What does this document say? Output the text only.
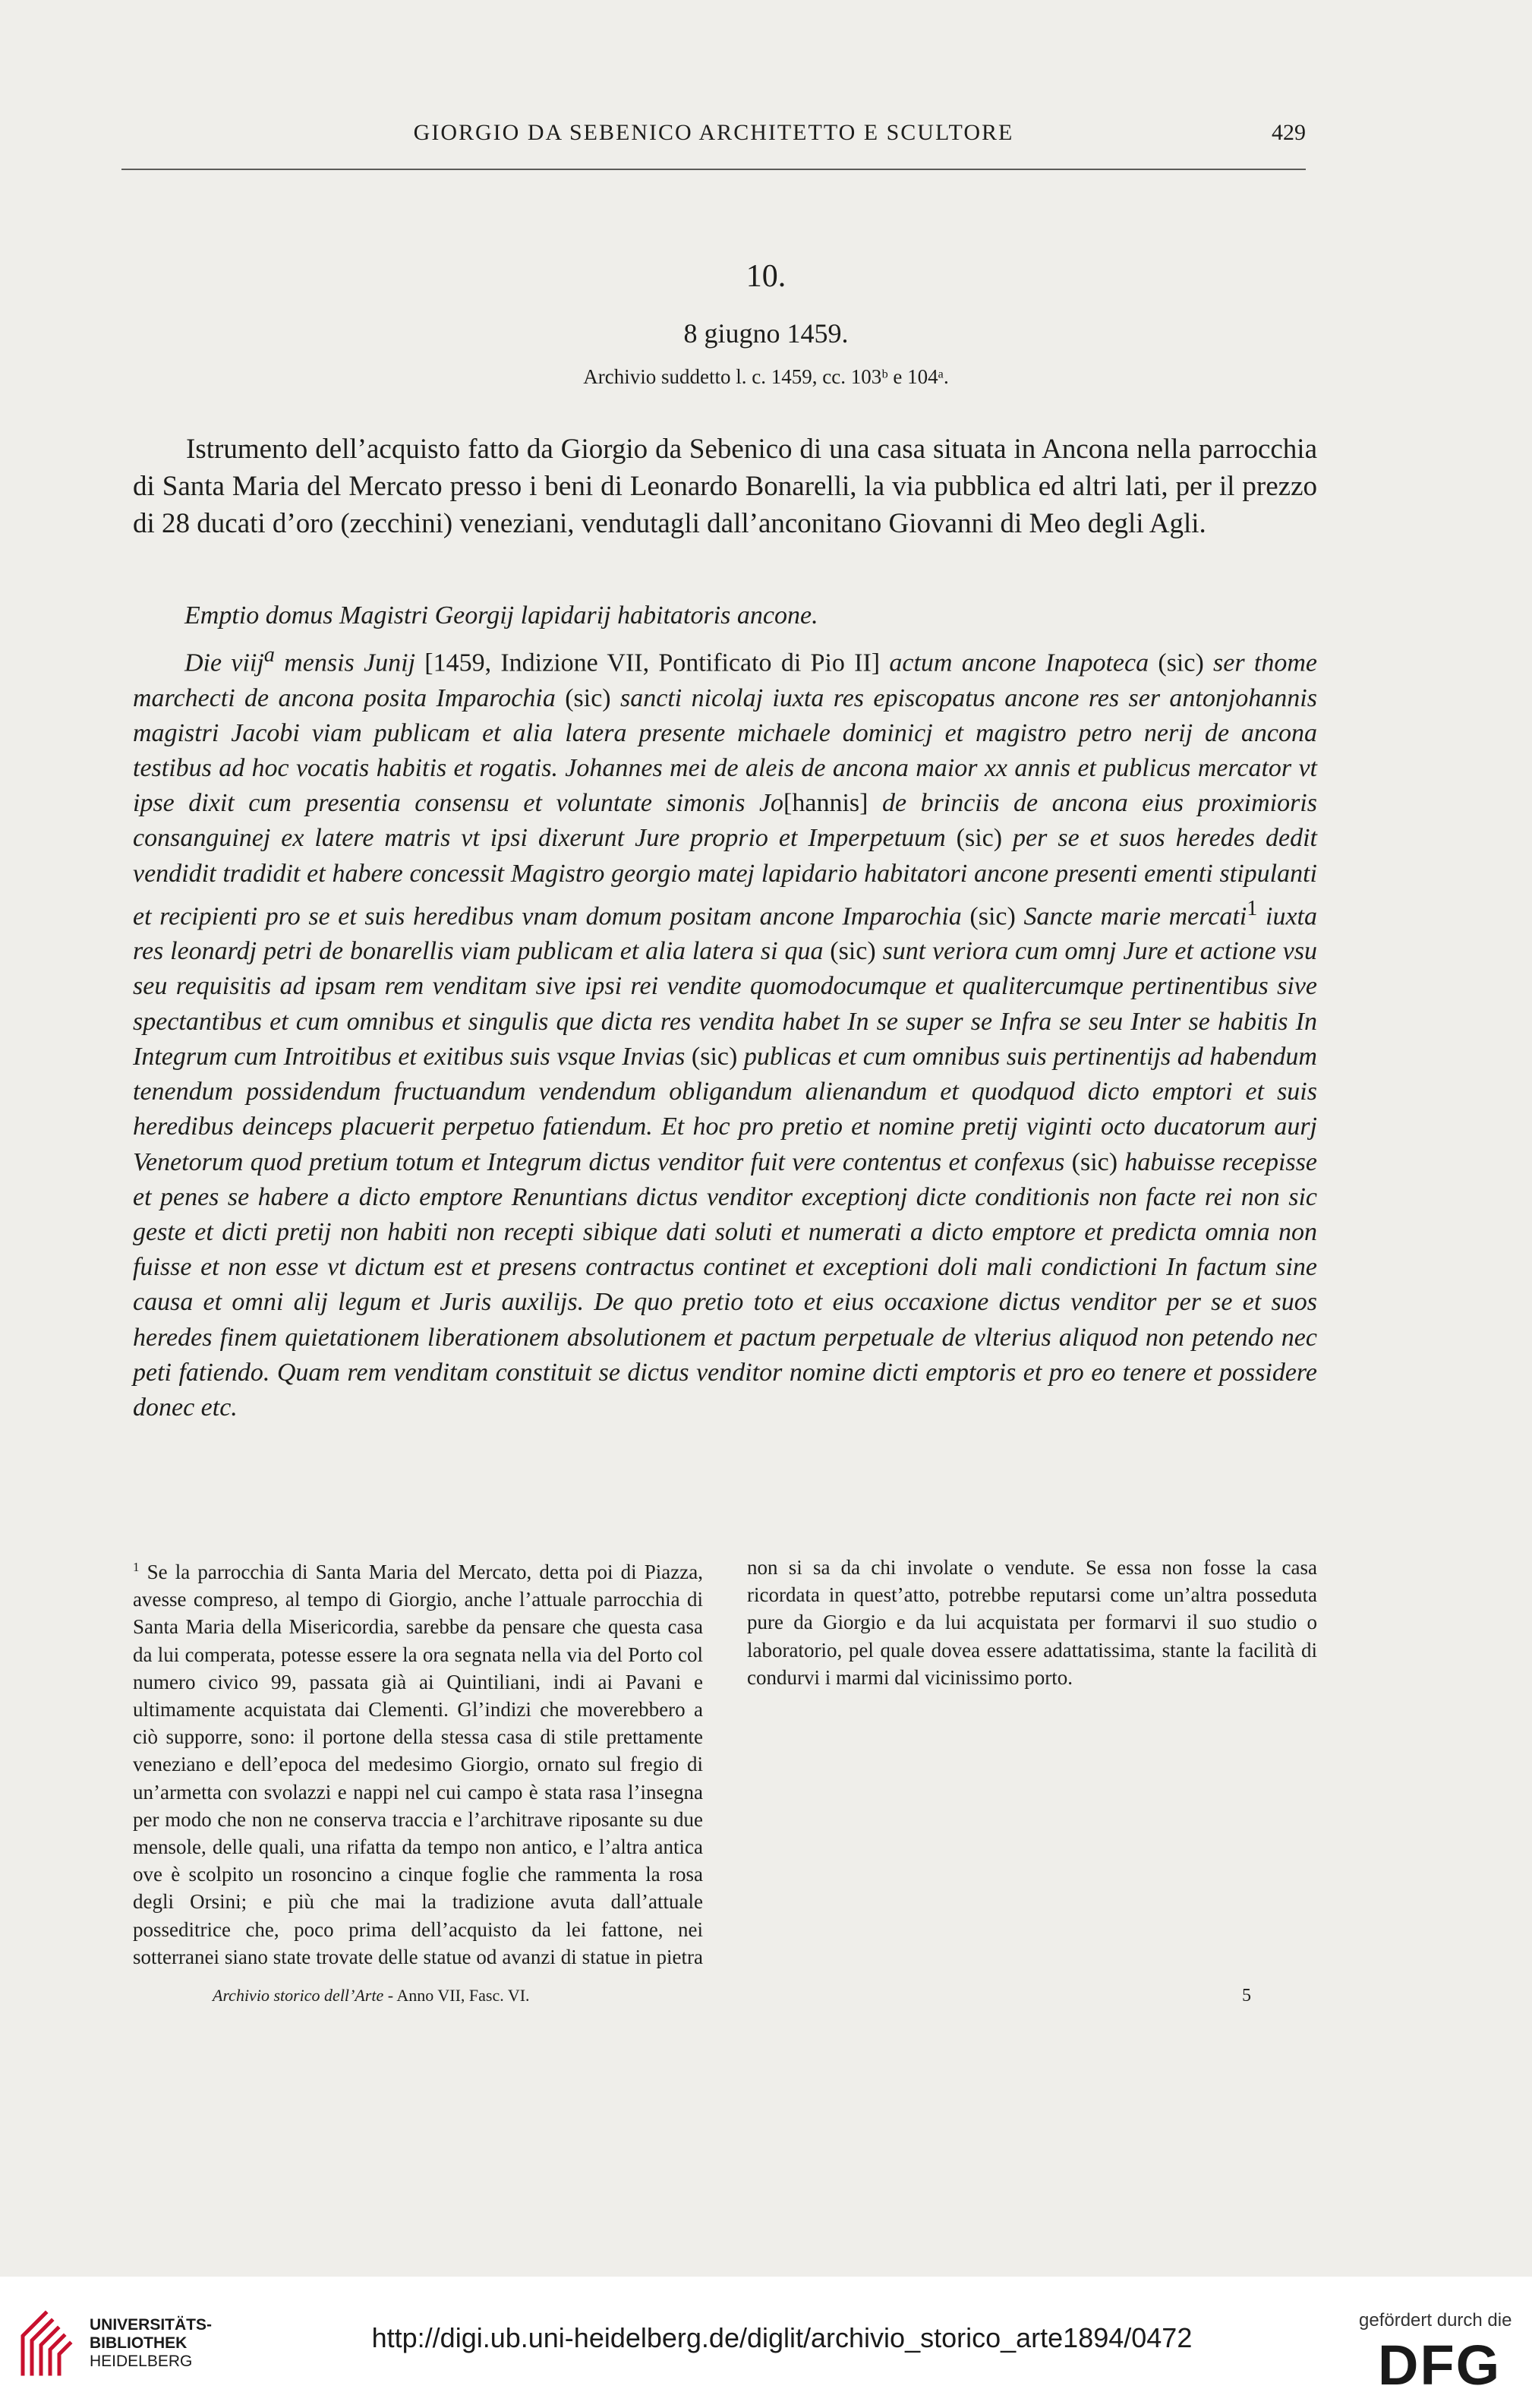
GIORGIO DA SEBENICO ARCHITETTO E SCULTORE	429
10.
8 giugno 1459.
Archivio suddetto l. c. 1459, cc. 103ᵇ e 104ᵃ.

Istrumento dell’acquisto fatto da Giorgio da Sebenico di una casa situata in Ancona nella parrocchia di Santa Maria del Mercato presso i beni di Leonardo Bonarelli, la via pubblica ed altri lati, per il prezzo di 28 ducati d’oro (zecchini) veneziani, vendutagli dall’anconitano Giovanni di Meo degli Agli.

Emptio domus Magistri Georgij lapidarij habitatoris ancone.

Die viij$^a$ mensis Junij [1459, Indizione VII, Pontificato di Pio II] actum ancone Inapoteca (sic) ser thome marchecti de ancona posita Imparochia (sic) sancti nicolaj iuxta res episcopatus ancone res ser antonjohannis magistri Jacobi viam publicam et alia latera presente michaele dominicj et magistro petro nerij de ancona testibus ad hoc vocatis habitis et rogatis. Johannes mei de aleis de ancona maior xx annis et publicus mercator vt ipse dixit cum presentia consensu et voluntate simonis Jo[hannis] de brinciis de ancona eius proximioris consanguinej ex latere matris vt ipsi dixerunt Jure proprio et Imperpetuum (sic) per se et suos heredes dedit vendidit tradidit et habere concessit Magistro georgio matej lapidario habitatori ancone presenti ementi stipulanti et recipienti pro se et suis heredibus vnam domum positam ancone Imparochia (sic) Sancte marie mercati$^1$ iuxta res leonardj petri de bonarellis viam publicam et alia latera si qua (sic) sunt veriora cum omnj Jure et actione vsu seu requisitis ad ipsam rem venditam sive ipsi rei vendite quomodocumque et qualitercumque pertinentibus sive spectantibus et cum omnibus et singulis que dicta res vendita habet In se super se Infra se seu Inter se habitis In Integrum cum Introitibus et exitibus suis vsque Invias (sic) publicas et cum omnibus suis pertinentijs ad habendum tenendum possidendum fructuandum vendendum obligandum alienandum et quodquod dicto emptori et suis heredibus deinceps placuerit perpetuo fatiendum. Et hoc pro pretio et nomine pretij viginti octo ducatorum aurj Venetorum quod pretium totum et Integrum dictus venditor fuit vere contentus et confexus (sic) habuisse recepisse et penes se habere a dicto emptore Renuntians dictus venditor exceptionj dicte conditionis non facte rei non sic geste et dicti pretij non habiti non recepti sibique dati soluti et numerati a dicto emptore et predicta omnia non fuisse et non esse vt dictum est et presens contractus continet et exceptioni doli mali condictioni In factum sine causa et omni alij legum et Juris auxilijs. De quo pretio toto et eius occaxione dictus venditor per se et suos heredes finem quietationem liberationem absolutionem et pactum perpetuale de vlterius aliquod non petendo nec peti fatiendo. Quam rem venditam constituit se dictus venditor nomine dicti emptoris et pro eo tenere et possidere donec etc.

$^1$ Se la parrocchia di Santa Maria del Mercato, detta poi di Piazza, avesse compreso, al tempo di Giorgio, anche l’attuale parrocchia di Santa Maria della Misericordia, sarebbe da pensare che questa casa da lui comperata, potesse essere la ora segnata nella via del Porto col numero civico 99, passata già ai Quintiliani, indi ai Pavani e ultimamente acquistata dai Clementi. Gl’indizi che moverebbero a ciò supporre, sono: il portone della stessa casa di stile prettamente veneziano e dell’epoca del medesimo Giorgio, ornato sul fregio di un’armetta con svolazzi e nappi nel cui campo è stata rasa l’insegna per modo che non ne conserva traccia e l’architrave riposante su due mensole, delle quali, una rifatta da tempo non antico, e l’altra antica ove è scolpito un rosoncino a cinque foglie che rammenta la rosa degli Orsini; e più che mai la tradizione avuta dall’attuale posseditrice che, poco prima dell’acquisto da lei fattone, nei sotterranei siano state trovate delle statue od avanzi di statue in pietra non si sa da chi involate o vendute. Se essa non fosse la casa ricordata in quest’atto, potrebbe reputarsi come un’altra posseduta pure da Giorgio e da lui acquistata per formarvi il suo studio o laboratorio, pel quale dovea essere adattatissima, stante la facilità di condurvi i marmi dal vicinissimo porto.

Archivio storico dell’Arte - Anno VII, Fasc. VI.	5
UNIVERSITÄTS-
BIBLIOTHEK
HEIDELBERG
http://digi.ub.uni-heidelberg.de/diglit/archivio_storico_arte1894/0472
gefördert durch die
DFG
